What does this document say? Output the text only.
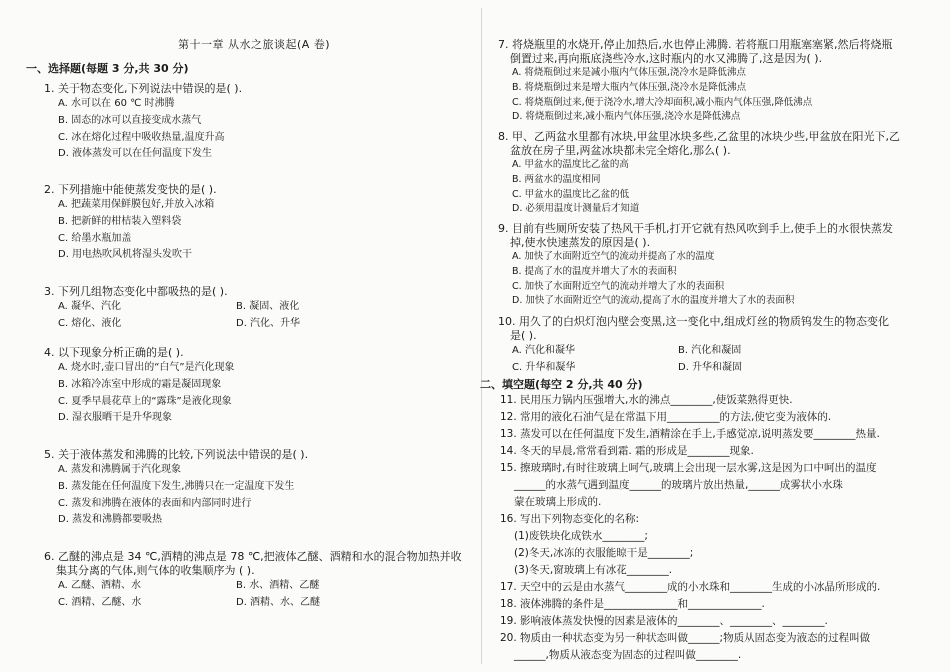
第十一章 从水之旅谈起(A 卷)
一、选择题(每题 3 分,共 30 分)
1. 关于物态变化,下列说法中错误的是( ).
A. 水可以在 60 ℃ 时沸腾
B. 固态的冰可以直接变成水蒸气
C. 冰在熔化过程中吸收热量,温度升高
D. 液体蒸发可以在任何温度下发生
2. 下列措施中能使蒸发变快的是( ).
A. 把蔬菜用保鲜膜包好,并放入冰箱
B. 把新鲜的柑桔装入塑料袋
C. 给墨水瓶加盖
D. 用电热吹风机将湿头发吹干
3. 下列几组物态变化中都吸热的是( ).
A. 凝华、汽化	B. 凝固、液化
C. 熔化、液化	D. 汽化、升华
4. 以下现象分析正确的是( ).
A. 烧水时,壶口冒出的“白气”是汽化现象
B. 冰箱冷冻室中形成的霜是凝固现象
C. 夏季早晨花草上的“露珠”是液化现象
D. 湿衣服晒干是升华现象
5. 关于液体蒸发和沸腾的比较,下列说法中错误的是( ).
A. 蒸发和沸腾属于汽化现象
B. 蒸发能在任何温度下发生,沸腾只在一定温度下发生
C. 蒸发和沸腾在液体的表面和内部同时进行
D. 蒸发和沸腾都要吸热
6. 乙醚的沸点是 34 ℃,酒精的沸点是 78 ℃,把液体乙醚、酒精和水的混合物加热并收
集其分离的气体,则气体的收集顺序为 ( ).
A. 乙醚、酒精、水	B. 水、酒精、乙醚
C. 酒精、乙醚、水	D. 酒精、水、乙醚
7. 将烧瓶里的水烧开,停止加热后,水也停止沸腾. 若将瓶口用瓶塞塞紧,然后将烧瓶
倒置过来,再向瓶底浇些冷水,这时瓶内的水又沸腾了,这是因为( ).
A. 将烧瓶倒过来是减小瓶内气体压强,浇冷水是降低沸点
B. 将烧瓶倒过来是增大瓶内气体压强,浇冷水是降低沸点
C. 将烧瓶倒过来,便于浇冷水,增大冷却面积,减小瓶内气体压强,降低沸点
D. 将烧瓶倒过来,减小瓶内气体压强,浇冷水是降低沸点
8. 甲、乙两盆水里都有冰块,甲盆里冰块多些,乙盆里的冰块少些,甲盆放在阳光下,乙
盆放在房子里,两盆冰块都未完全熔化,那么( ).
A. 甲盆水的温度比乙盆的高
B. 两盆水的温度相同
C. 甲盆水的温度比乙盆的低
D. 必须用温度计测量后才知道
9. 目前有些厕所安装了热风干手机,打开它就有热风吹到手上,使手上的水很快蒸发
掉,使水快速蒸发的原因是( ).
A. 加快了水面附近空气的流动并提高了水的温度
B. 提高了水的温度并增大了水的表面积
C. 加快了水面附近空气的流动并增大了水的表面积
D. 加快了水面附近空气的流动,提高了水的温度并增大了水的表面积
10. 用久了的白炽灯泡内壁会变黑,这一变化中,组成灯丝的物质钨发生的物态变化
是( ).
A. 汽化和凝华	B. 汽化和凝固
C. 升华和凝华	D. 升华和凝固
二、填空题(每空 2 分,共 40 分)
11. 民用压力锅内压强增大,水的沸点________,使饭菜熟得更快.
12. 常用的液化石油气是在常温下用__________的方法,使它变为液体的.
13. 蒸发可以在任何温度下发生,酒精涂在手上,手感觉凉,说明蒸发要________热量.
14. 冬天的早晨,常常看到霜. 霜的形成是________现象.
15. 擦玻璃时,有时往玻璃上呵气,玻璃上会出现一层水雾,这是因为口中呵出的温度
______的水蒸气遇到温度______的玻璃片放出热量,______成雾状小水珠
蒙在玻璃上形成的.
16. 写出下列物态变化的名称:
(1)废铁块化成铁水________;
(2)冬天,冰冻的衣服能晾干是________;
(3)冬天,窗玻璃上有冰花________.
17. 天空中的云是由水蒸气________成的小水珠和________生成的小冰晶所形成的.
18. 液体沸腾的条件是______________和______________.
19. 影响液体蒸发快慢的因素是液体的________、________、________.
20. 物质由一种状态变为另一种状态叫做______;物质从固态变为液态的过程叫做
______,物质从液态变为固态的过程叫做________.
